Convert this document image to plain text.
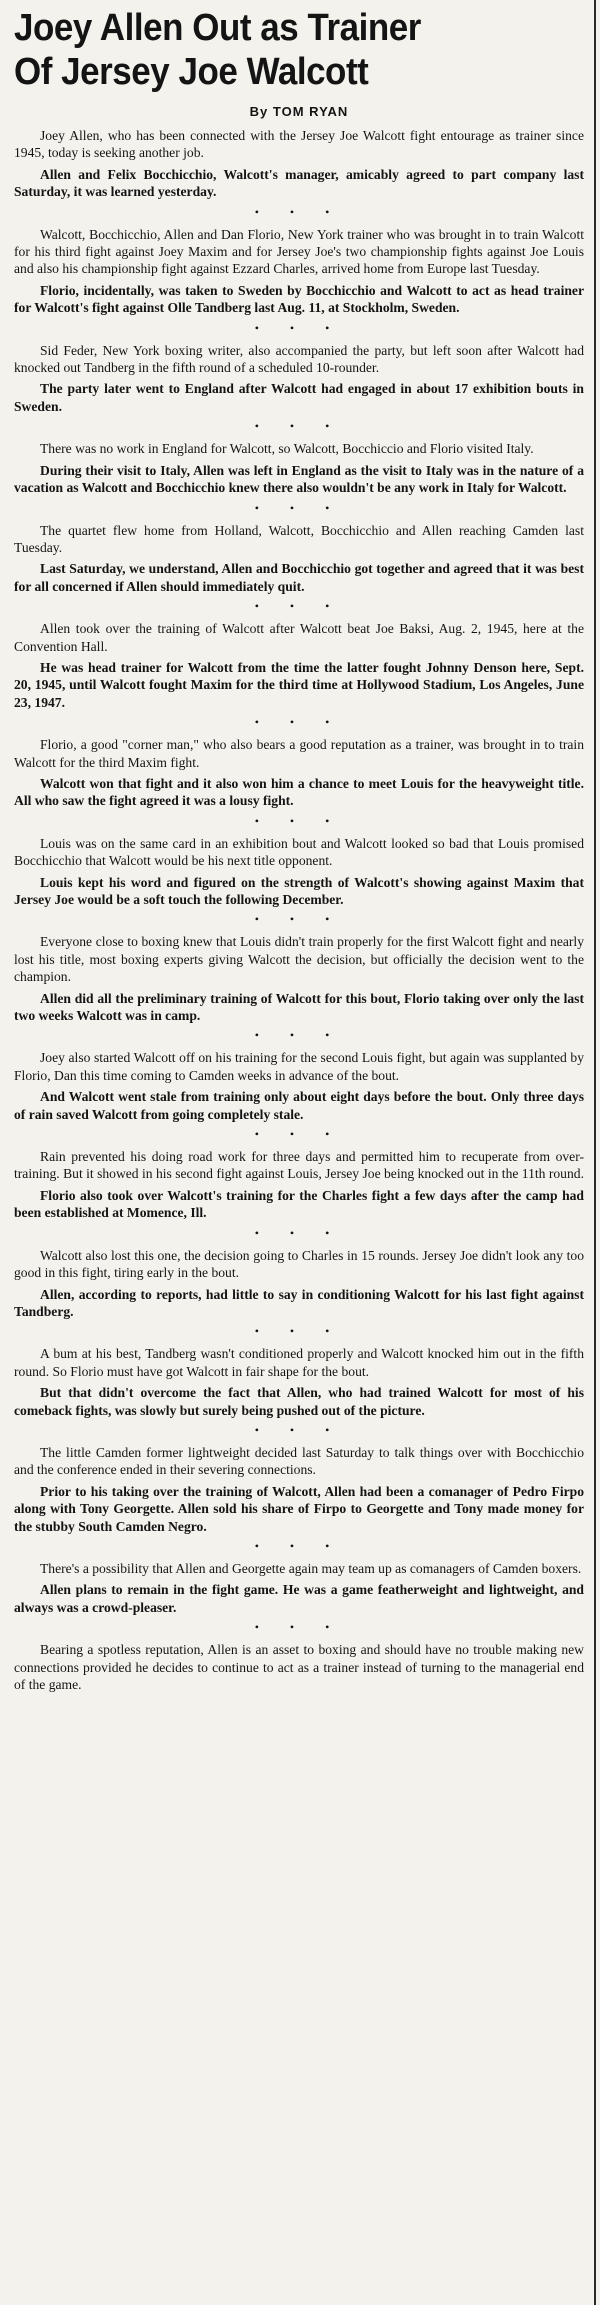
Joey Allen Out as Trainer
Of Jersey Joe Walcott
By TOM RYAN

Joey Allen, who has been connected with the Jersey Joe Walcott fight entourage as trainer since 1945, today is seeking another job.

Allen and Felix Bocchicchio, Walcott's manager, amicably agreed to part company last Saturday, it was learned yesterday.

• • •

Walcott, Bocchicchio, Allen and Dan Florio, New York trainer who was brought in to train Walcott for his third fight against Joey Maxim and for Jersey Joe's two championship fights against Joe Louis and also his championship fight against Ezzard Charles, arrived home from Europe last Tuesday.

Florio, incidentally, was taken to Sweden by Bocchicchio and Walcott to act as head trainer for Walcott's fight against Olle Tandberg last Aug. 11, at Stockholm, Sweden.

• • •

Sid Feder, New York boxing writer, also accompanied the party, but left soon after Walcott had knocked out Tandberg in the fifth round of a scheduled 10-rounder.

The party later went to England after Walcott had engaged in about 17 exhibition bouts in Sweden.

• • •

There was no work in England for Walcott, so Walcott, Bocchiccio and Florio visited Italy.

During their visit to Italy, Allen was left in England as the visit to Italy was in the nature of a vacation as Walcott and Bocchicchio knew there also wouldn't be any work in Italy for Walcott.

• • •

The quartet flew home from Holland, Walcott, Bocchicchio and Allen reaching Camden last Tuesday.

Last Saturday, we understand, Allen and Bocchicchio got together and agreed that it was best for all concerned if Allen should immediately quit.

• • •

Allen took over the training of Walcott after Walcott beat Joe Baksi, Aug. 2, 1945, here at the Convention Hall.

He was head trainer for Walcott from the time the latter fought Johnny Denson here, Sept. 20, 1945, until Walcott fought Maxim for the third time at Hollywood Stadium, Los Angeles, June 23, 1947.

• • •

Florio, a good "corner man," who also bears a good reputation as a trainer, was brought in to train Walcott for the third Maxim fight.

Walcott won that fight and it also won him a chance to meet Louis for the heavyweight title. All who saw the fight agreed it was a lousy fight.

• • •

Louis was on the same card in an exhibition bout and Walcott looked so bad that Louis promised Bocchicchio that Walcott would be his next title opponent.

Louis kept his word and figured on the strength of Walcott's showing against Maxim that Jersey Joe would be a soft touch the following December.

• • •

Everyone close to boxing knew that Louis didn't train properly for the first Walcott fight and nearly lost his title, most boxing experts giving Walcott the decision, but officially the decision went to the champion.

Allen did all the preliminary training of Walcott for this bout, Florio taking over only the last two weeks Walcott was in camp.

• • •

Joey also started Walcott off on his training for the second Louis fight, but again was supplanted by Florio, Dan this time coming to Camden weeks in advance of the bout.

And Walcott went stale from training only about eight days before the bout. Only three days of rain saved Walcott from going completely stale.

• • •

Rain prevented his doing road work for three days and permitted him to recuperate from over-training. But it showed in his second fight against Louis, Jersey Joe being knocked out in the 11th round.

Florio also took over Walcott's training for the Charles fight a few days after the camp had been established at Momence, Ill.

• • •

Walcott also lost this one, the decision going to Charles in 15 rounds. Jersey Joe didn't look any too good in this fight, tiring early in the bout.

Allen, according to reports, had little to say in conditioning Walcott for his last fight against Tandberg.

• • •

A bum at his best, Tandberg wasn't conditioned properly and Walcott knocked him out in the fifth round. So Florio must have got Walcott in fair shape for the bout.

But that didn't overcome the fact that Allen, who had trained Walcott for most of his comeback fights, was slowly but surely being pushed out of the picture.

• • •

The little Camden former lightweight decided last Saturday to talk things over with Bocchicchio and the conference ended in their severing connections.

Prior to his taking over the training of Walcott, Allen had been a comanager of Pedro Firpo along with Tony Georgette. Allen sold his share of Firpo to Georgette and Tony made money for the stubby South Camden Negro.

• • •

There's a possibility that Allen and Georgette again may team up as comanagers of Camden boxers.

Allen plans to remain in the fight game. He was a game featherweight and lightweight, and always was a crowd-pleaser.

• • •

Bearing a spotless reputation, Allen is an asset to boxing and should have no trouble making new connections provided he decides to continue to act as a trainer instead of turning to the managerial end of the game.
